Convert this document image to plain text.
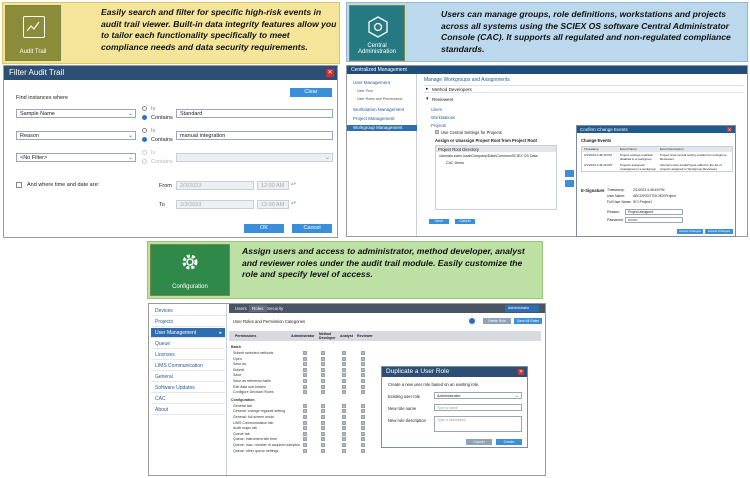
Audit Trail
Easily search and filter for specific high-risk events in audit trail viewer. Built-in data integrity features allow you to tailor each functionality specifically to meet compliance needs and data security requirements.	Central Administration
Users can manage groups, role definitions, workstations and projects across all systems using the SCIEX OS software Central Administrator Console (CAC). It supports all regulated and non-regulated compliance standards.
Filter Audit Trail	✕
Find instances where
Clear
Sample Name	⌄
Is
Contains
Standard
Reason	⌄
Is
Contains
manual integration
<No Filter>	⌄
Is
Contains
⌄
And where time and date are:	From	2/3/2023	12:00 AM	▴▾
To	2/3/2023	12:00 AM	▴▾
OK	Cancel
Centralized Management
User Management
User Pool
User Roles and Permissions
Workstation Management
Project Management
Workgroup Management
Manage Workgroups and Assignments
▸ Method Developers
▾ Reviewers
Users
Workstations
Projects
Use Central Settings for Projects
Assign or Unassign Project Root from Project Root
Project Root Directory
\\domain.sciex.local\Company\Data\Common\SCIEX OS Data
CAC Demo
Save	Cancel
Confirm Change Events	✕
Change Events
Timestamp	Event Name	Event Description
2/1/2023 4:48:49 PM	Project settings enabled/ disabled in a workgroup
Project level central setting enabled for workgroup Reviewers
2/1/2023 4:48:49 PM	Projects assigned/ unassigned to a workgroup
\\domain.sciex.local\Project added to the list of projects assigned to Workgroup Reviewers
E-Signature Timestamp: 2/1/2023 4:48:49 PM
User Name: ABCD\ROOT\SCIEX\Project
Full User Name: SCI Project1
Reason	Project assigned
Password	••••••••
Accept Changes	Cancel Changes
Configuration
Assign users and access to administrator, method developer, analyst and reviewer roles under the audit trail module. Easily customize the role and specify level of access.
Devices
Projects
User Management	▸
Queue
Licenses
LIMS Communication
General
Software Updates
CAC
About
Users	Roles Security	Administrator
User Roles and Permission Categories	Delete Role	Save All Roles
Permissions	Administrator Method Developer Analyst Reviewer
Batch
Submit selected methods
Open
Save as
Submit
Save
Save as reference table
Edit data sub-folders
Configure Decision Rules
Configuration
General tab
General: change regional setting
General: full screen mode
LIMS Communication tab
Audit maps tab
Queue tab
Queue: instrument idle time
Queue: max. number of acquired samples
Queue: other queue settings
Duplicate a User Role	✕
Create a new user role based on an existing role.
Existing user role	Administrator	⌄
New role name	Type a name
New role description	Type a description
Cancel	Create
